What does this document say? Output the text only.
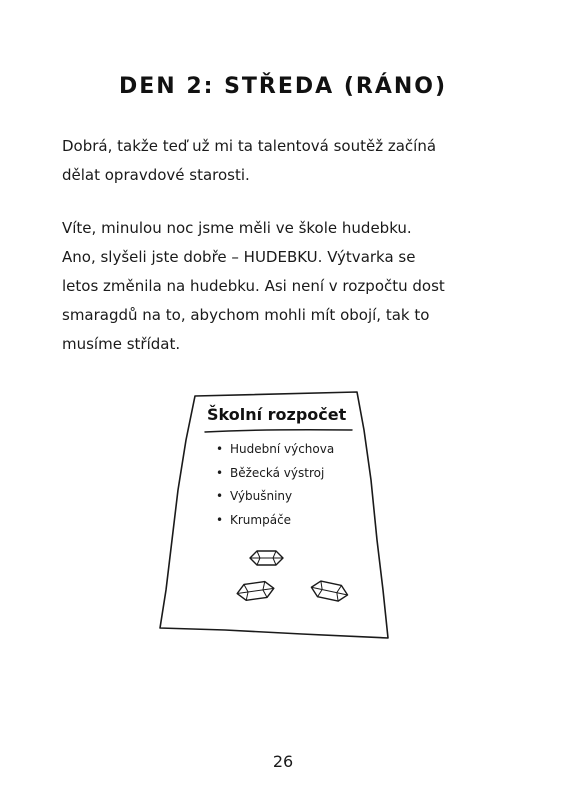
DEN 2: STŘEDA (RÁNO)
Dobrá, takže teď už mi ta talentová soutěž začíná
dělat opravdové starosti.
Víte, minulou noc jsme měli ve škole hudebku.
Ano, slyšeli jste dobře – HUDEBKU. Výtvarka se
letos změnila na hudebku. Asi není v rozpočtu dost
smaragdů na to, abychom mohli mít obojí, tak to
musíme střídat.
Školní rozpočet
• Hudební výchova
• Běžecká výstroj
• Výbušniny
• Krumpáče
26
